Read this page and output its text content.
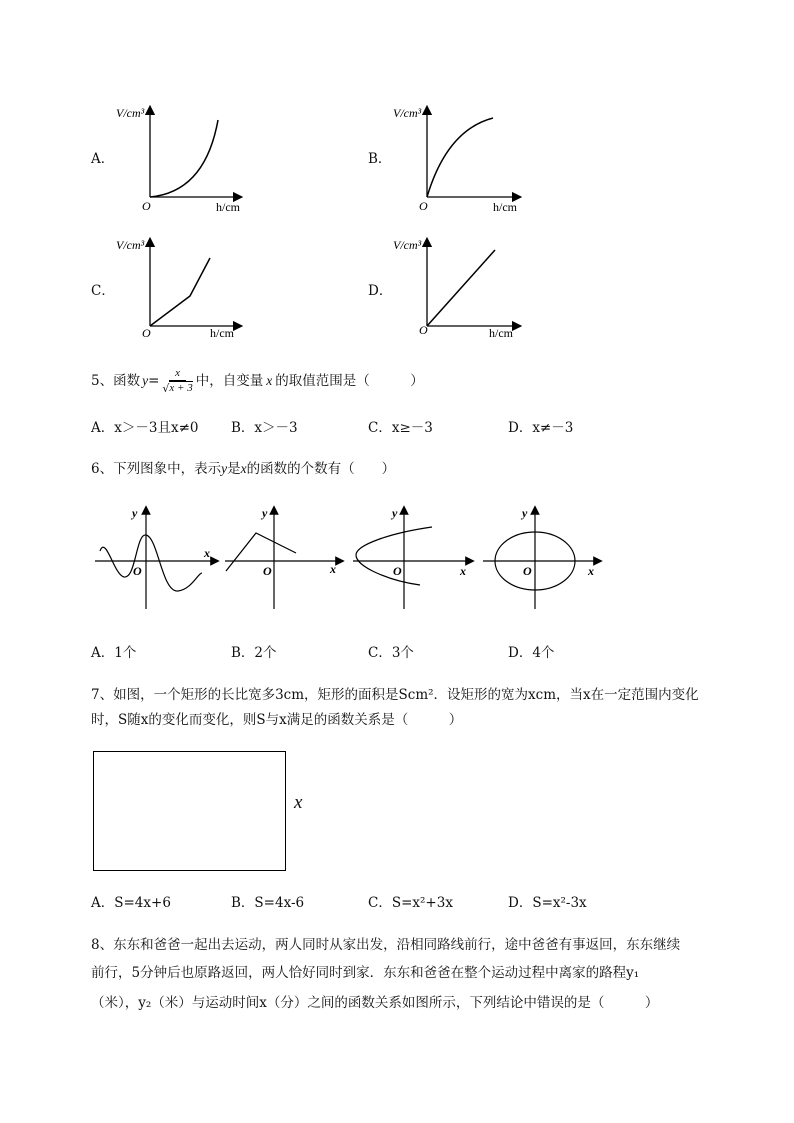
A．	B．
C．	D．
V/cm³
h/cm
O
V/cm³
h/cm
O
V/cm³
h/cm
O
V/cm³
h/cm
O
5、函数 $y = \frac{x}{√ x + 3}$ 中，自变量 x 的取值范围是（　　　）
A．x＞－3且x≠0 B．x＞－3	C．x≥－3	D．x≠－3
6、下列图象中，表示y是x的函数的个数有（　　）
y
x
O
y
x
O
y
x
O
y
x
O
A．1个	B．2个	C．3个	D．4个
7、如图，一个矩形的长比宽多3cm，矩形的面积是Scm²．设矩形的宽为xcm，当x在一定范围内变化
时，S随x的变化而变化，则S与x满足的函数关系是（　　　）
x
A．S=4x+6	B．S=4x-6	C．S=x²+3x	D．S=x²-3x
8、东东和爸爸一起出去运动，两人同时从家出发，沿相同路线前行，途中爸爸有事返回，东东继续
前行，5分钟后也原路返回，两人恰好同时到家．东东和爸爸在整个运动过程中离家的路程y₁
（米），y₂（米）与运动时间x（分）之间的函数关系如图所示，下列结论中错误的是（　　　）
